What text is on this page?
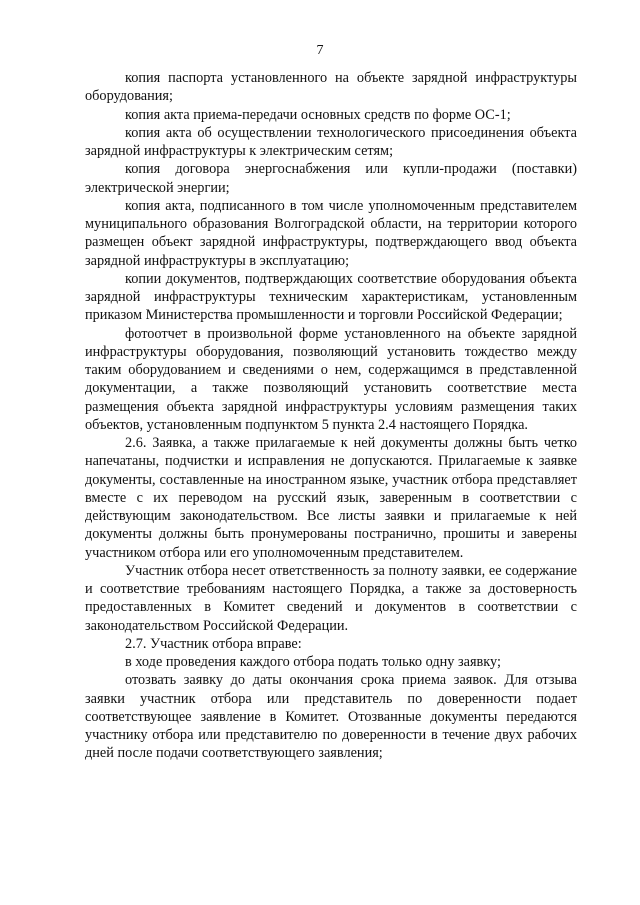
7

копия паспорта установленного на объекте зарядной инфраструктуры оборудования;

копия акта приема-передачи основных средств по форме ОС-1;

копия акта об осуществлении технологического присоединения объекта зарядной инфраструктуры к электрическим сетям;

копия договора энергоснабжения или купли-продажи (поставки) электрической энергии;

копия акта, подписанного в том числе уполномоченным представителем муниципального образования Волгоградской области, на территории которого размещен объект зарядной инфраструктуры, подтверждающего ввод объекта зарядной инфраструктуры в эксплуатацию;

копии документов, подтверждающих соответствие оборудования объекта зарядной инфраструктуры техническим характеристикам, установленным приказом Министерства промышленности и торговли Российской Федерации;

фотоотчет в произвольной форме установленного на объекте зарядной инфраструктуры оборудования, позволяющий установить тождество между таким оборудованием и сведениями о нем, содержащимся в представленной документации, а также позволяющий установить соответствие места размещения объекта зарядной инфраструктуры условиям размещения таких объектов, установленным подпунктом 5 пункта 2.4 настоящего Порядка.

2.6. Заявка, а также прилагаемые к ней документы должны быть четко напечатаны, подчистки и исправления не допускаются. Прилагаемые к заявке документы, составленные на иностранном языке, участник отбора представляет вместе с их переводом на русский язык, заверенным в соответствии с действующим законодательством. Все листы заявки и прилагаемые к ней документы должны быть пронумерованы постранично, прошиты и заверены участником отбора или его уполномоченным представителем.

Участник отбора несет ответственность за полноту заявки, ее содержание и соответствие требованиям настоящего Порядка, а также за достоверность предоставленных в Комитет сведений и документов в соответствии с законодательством Российской Федерации.

2.7. Участник отбора вправе:

в ходе проведения каждого отбора подать только одну заявку;

отозвать заявку до даты окончания срока приема заявок. Для отзыва заявки участник отбора или представитель по доверенности подает соответствующее заявление в Комитет. Отозванные документы передаются участнику отбора или представителю по доверенности в течение двух рабочих дней после подачи соответствующего заявления;
